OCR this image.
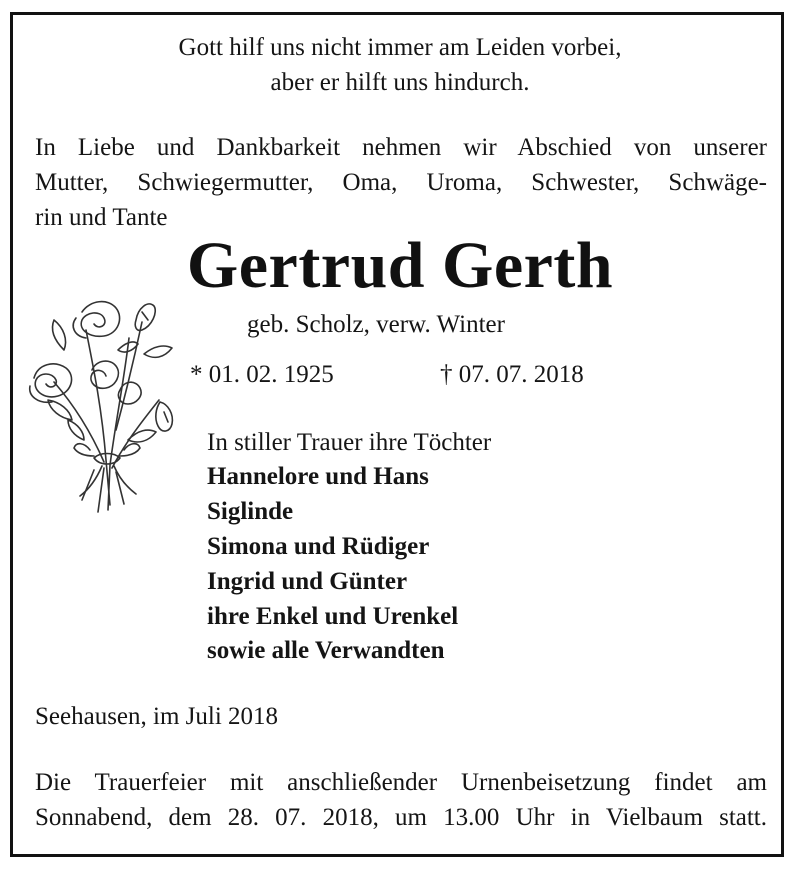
Gott hilf uns nicht immer am Leiden vorbei,
aber er hilft uns hindurch.
In Liebe und Dankbarkeit nehmen wir Abschied von unserer
Mutter, Schwiegermutter, Oma, Uroma, Schwester, Schwäge-
rin und Tante
Gertrud Gerth
geb. Scholz, verw. Winter
* 01. 02. 1925	† 07. 07. 2018
In stiller Trauer ihre Töchter
Hannelore und Hans
Siglinde
Simona und Rüdiger
Ingrid und Günter
ihre Enkel und Urenkel
sowie alle Verwandten
Seehausen, im Juli 2018
Die Trauerfeier mit anschließender Urnenbeisetzung findet am
Sonnabend, dem 28. 07. 2018, um 13.00 Uhr in Vielbaum statt.
